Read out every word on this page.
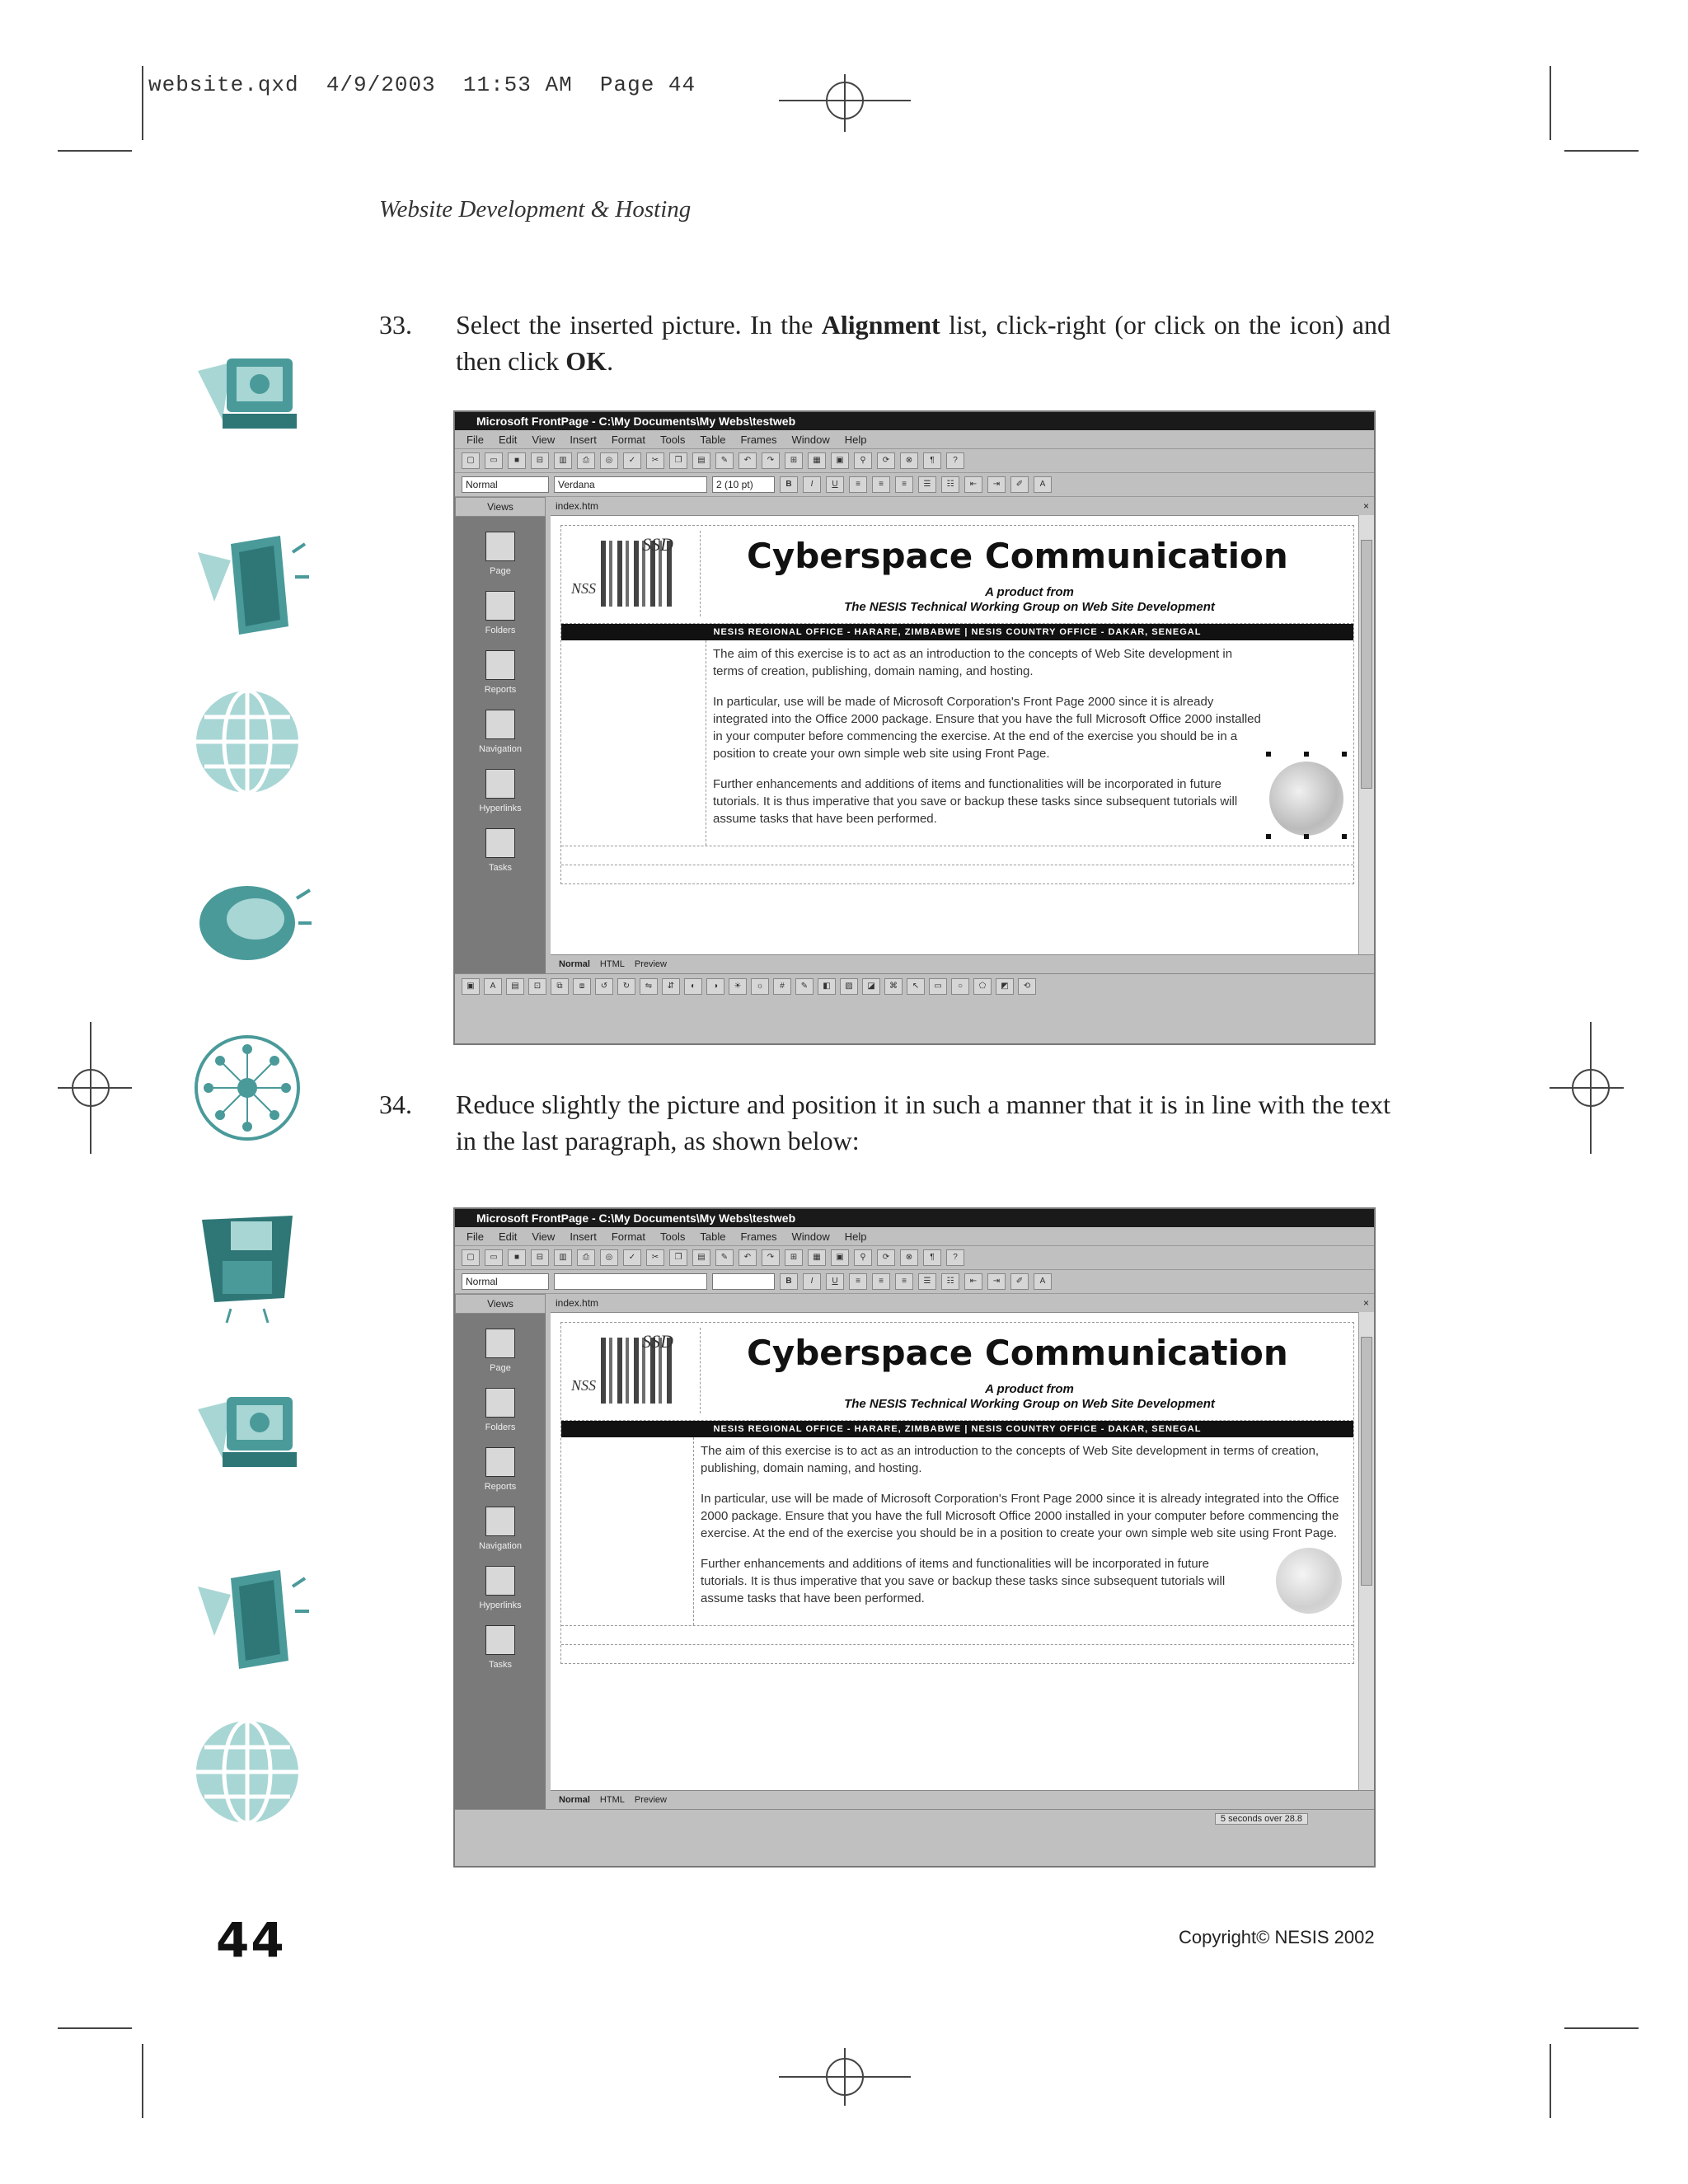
website.qxd  4/9/2003  11:53 AM  Page 44
Website Development & Hosting
33. Select the inserted picture. In the Alignment list, click-right (or click on the icon) and then click OK.
Microsoft FrontPage - C:\My Documents\My Webs\testweb
File Edit View Insert Format Tools Table Frames Window Help
▢	▭	■	⊟	▥	⎙	◎	✓	✂	❐	▤	✎	↶	↷	⊞	▦	▣	⚲	⟳	⊗	¶	?
Normal	Verdana	2 (10 pt)	B	I	U	≡	≡	≡	☰	☷	⇤	⇥	✐	A
Views
Page
Folders
Reports
Navigation
Hyperlinks
Tasks
index.htm	×
SSD
NSS
Cyberspace Communication
A product from
The NESIS Technical Working Group on Web Site Development
NESIS REGIONAL OFFICE - HARARE, ZIMBABWE | NESIS COUNTRY OFFICE - DAKAR, SENEGAL

The aim of this exercise is to act as an introduction to the concepts of Web Site development in terms of creation, publishing, domain naming, and hosting.

In particular, use will be made of Microsoft Corporation's Front Page 2000 since it is already integrated into the Office 2000 package. Ensure that you have the full Microsoft Office 2000 installed in your computer before commencing the exercise. At the end of the exercise you should be in a position to create your own simple web site using Front Page.

Further enhancements and additions of items and functionalities will be incorporated in future tutorials. It is thus imperative that you save or backup these tasks since subsequent tutorials will assume tasks that have been performed.

Normal HTML Preview
▣	A	▤	⊡	⧉	⧈	↺	↻	⇋	⇵	◐	◑	☀	☼	#	✎	◧	▨	◪	⌘	↖	▭	○	⬠	◩	⟲
34. Reduce slightly the picture and position it in such a manner that it is in line with the text in the last paragraph, as shown below:
Microsoft FrontPage - C:\My Documents\My Webs\testweb
File Edit View Insert Format Tools Table Frames Window Help
▢	▭	■	⊟	▥	⎙	◎	✓	✂	❐	▤	✎	↶	↷	⊞	▦	▣	⚲	⟳	⊗	¶	?
Normal	B	I	U	≡	≡	≡	☰	☷	⇤	⇥	✐	A
Views
Page
Folders
Reports
Navigation
Hyperlinks
Tasks
index.htm	×
SSD
NSS
Cyberspace Communication
A product from
The NESIS Technical Working Group on Web Site Development
NESIS REGIONAL OFFICE - HARARE, ZIMBABWE | NESIS COUNTRY OFFICE - DAKAR, SENEGAL

The aim of this exercise is to act as an introduction to the concepts of Web Site development in terms of creation, publishing, domain naming, and hosting.

In particular, use will be made of Microsoft Corporation's Front Page 2000 since it is already integrated into the Office 2000 package. Ensure that you have the full Microsoft Office 2000 installed in your computer before commencing the exercise. At the end of the exercise you should be in a position to create your own simple web site using Front Page.

Further enhancements and additions of items and functionalities will be incorporated in future tutorials. It is thus imperative that you save or backup these tasks since subsequent tutorials will assume tasks that have been performed.

Normal HTML Preview
5 seconds over 28.8
44	Copyright© NESIS 2002
